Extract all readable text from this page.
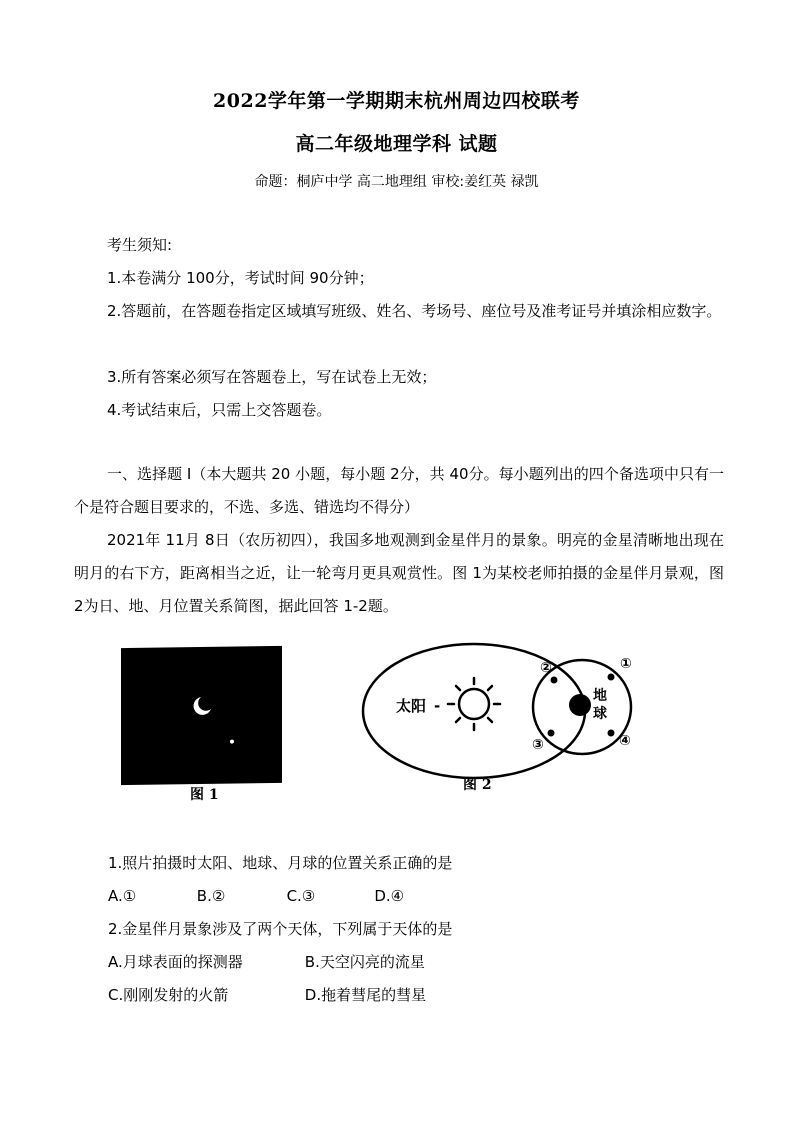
2022学年第一学期期末杭州周边四校联考
高二年级地理学科 试题
命题：桐庐中学 高二地理组 审校:姜红英 禄凯

考生须知:

1.本卷满分 100分，考试时间 90分钟；

2.答题前，在答题卷指定区域填写班级、姓名、考场号、座位号及准考证号并填涂相应数字。

3.所有答案必须写在答题卷上，写在试卷上无效；

4.考试结束后，只需上交答题卷。

一、选择题 I（本大题共 20 小题，每小题 2分，共 40分。每小题列出的四个备选项中只有一个是符合题目要求的，不选、多选、错选均不得分）

2021年 11月 8日（农历初四），我国多地观测到金星伴月的景象。明亮的金星清晰地出现在明月的右下方，距离相当之近，让一轮弯月更具观赏性。图 1为某校老师拍摄的金星伴月景观，图 2为日、地、月位置关系简图，据此回答 1-2题。

图 1
太阳 -
地
球
①
②
③	④
图 2
1.照片拍摄时太阳、地球、月球的位置关系正确的是
A.①	B.②	C.③	D.④
2.金星伴月景象涉及了两个天体，下列属于天体的是
A.月球表面的探测器	B.天空闪亮的流星
C.刚刚发射的火箭	D.拖着彗尾的彗星
